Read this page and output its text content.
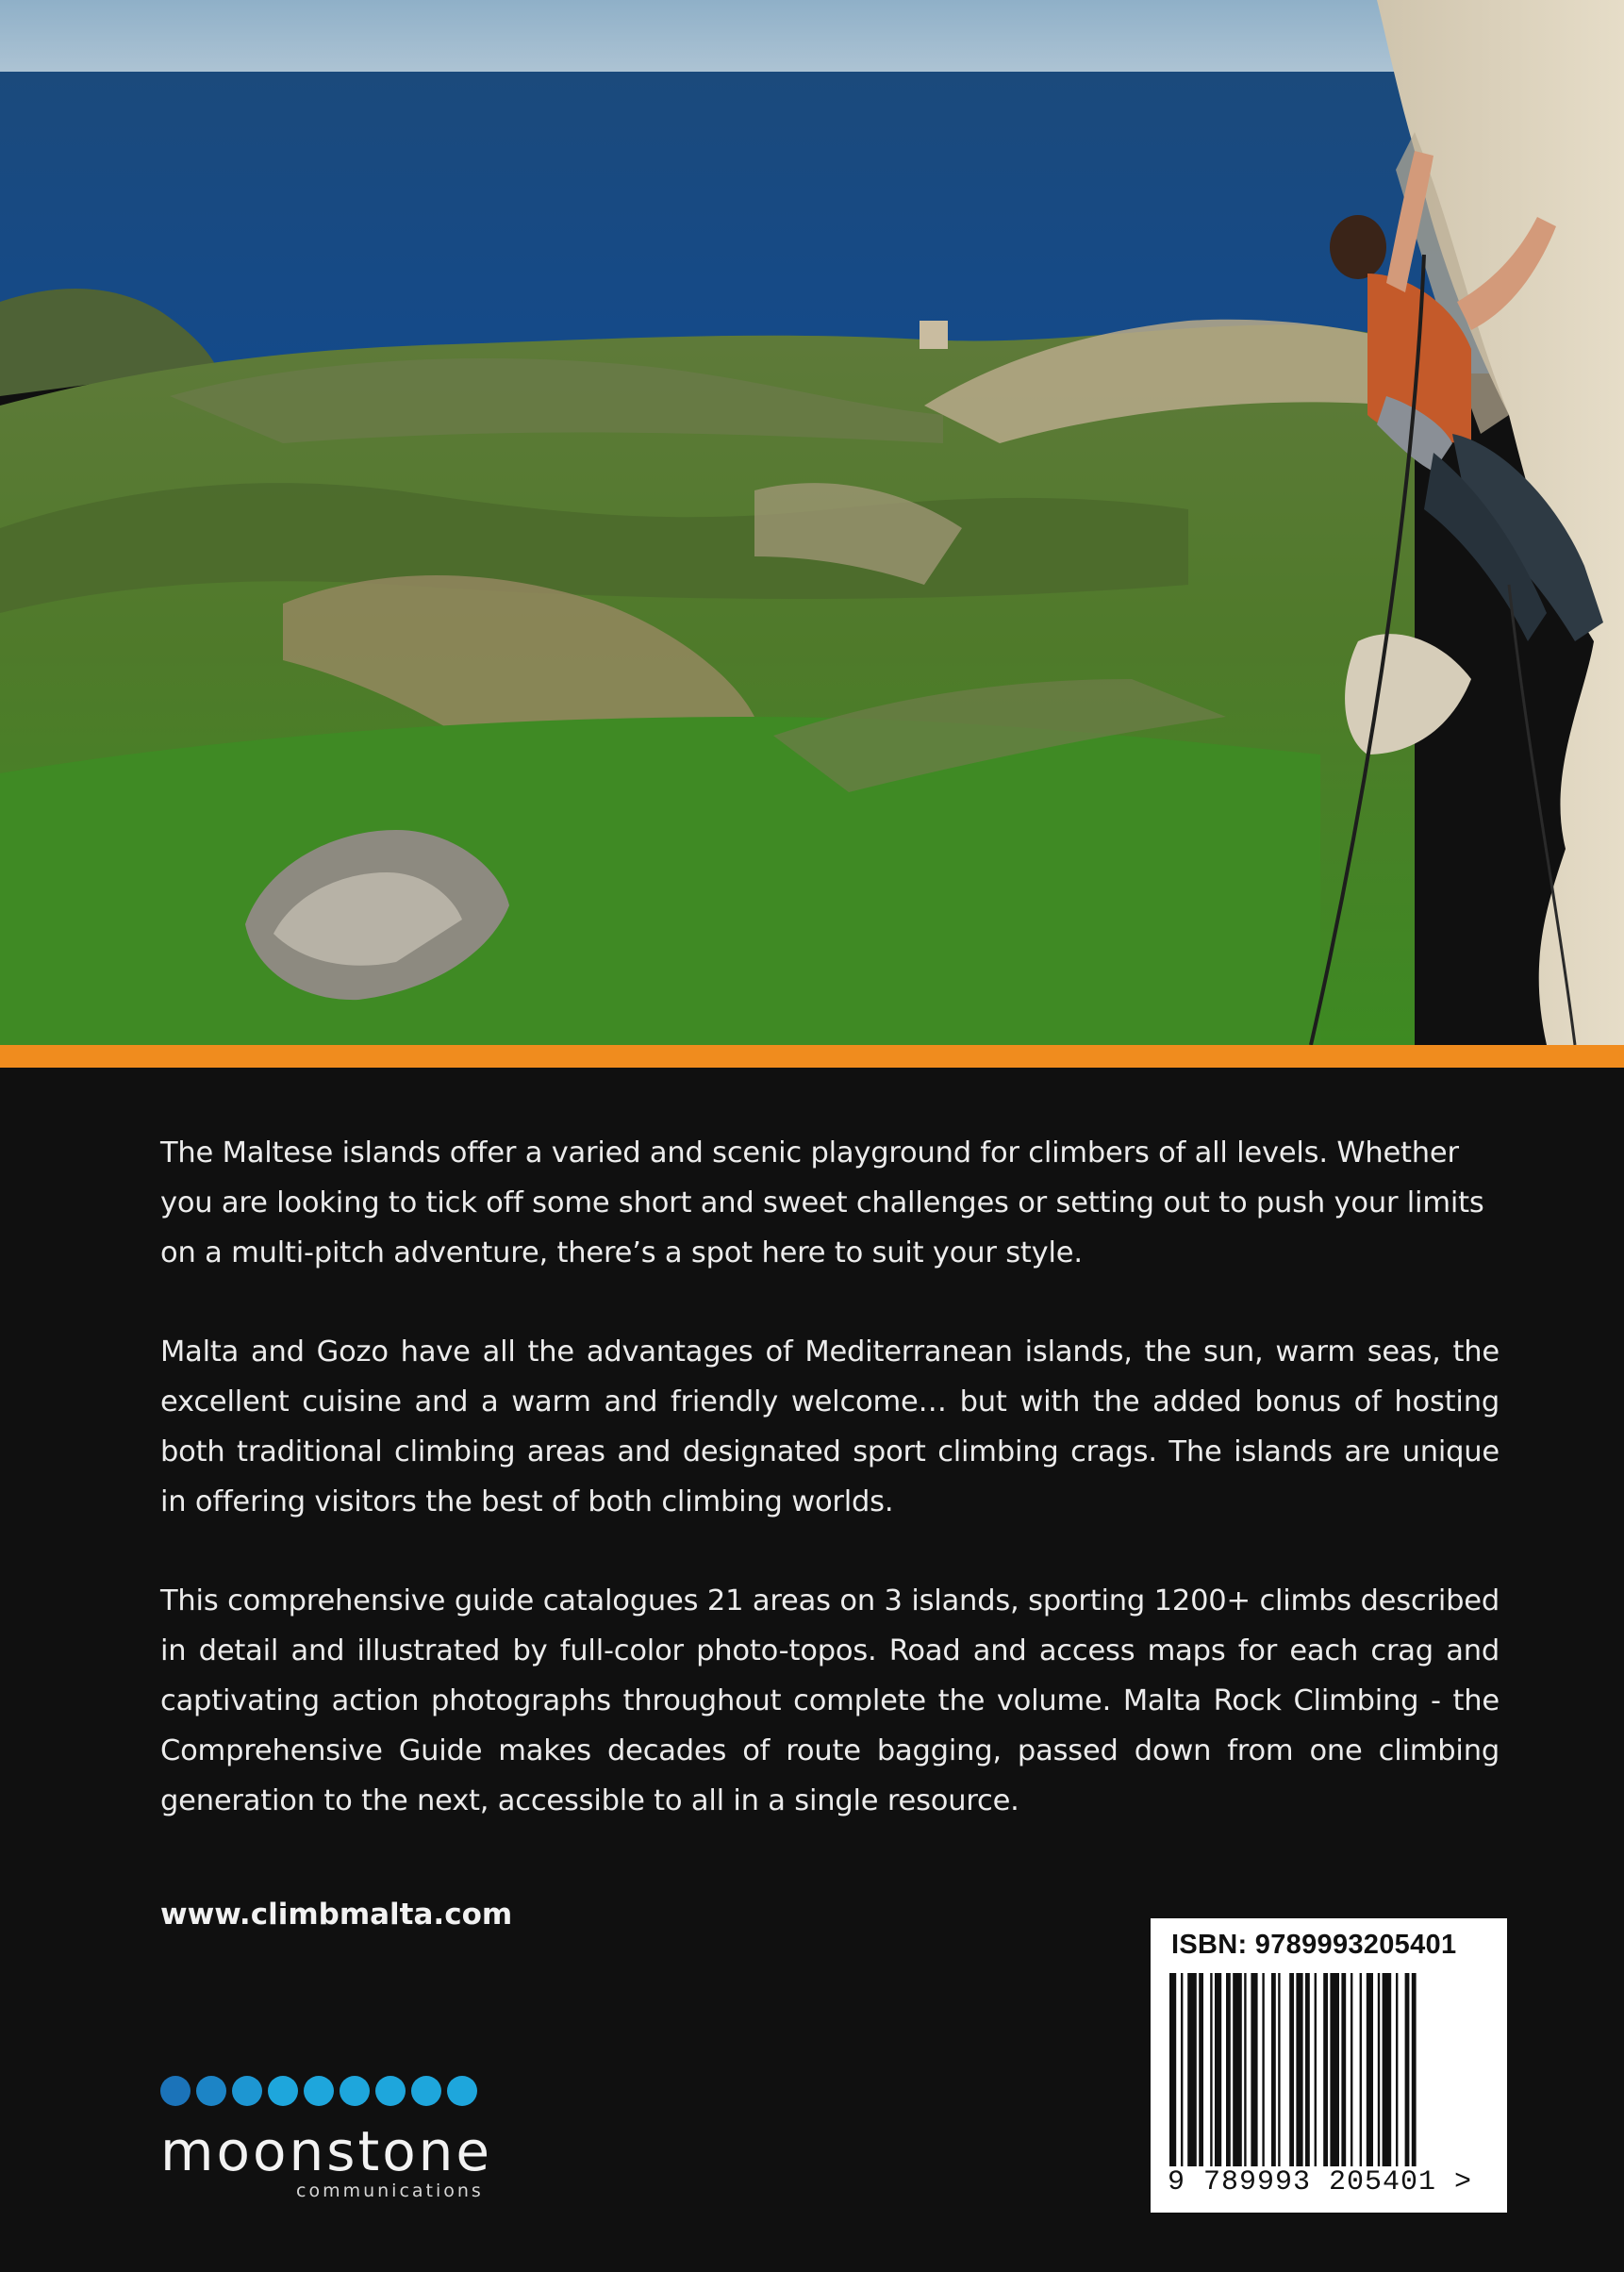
The Maltese islands offer a varied and scenic playground for climbers of all levels. Whether you are looking to tick off some short and sweet challenges or setting out to push your limits on a multi-pitch adventure, there’s a spot here to suit your style.

Malta and Gozo have all the advantages of Mediterranean islands, the sun, warm seas, the excellent cuisine and a warm and friendly welcome… but with the added bonus of hosting both traditional climbing areas and designated sport climbing crags. The islands are unique in offering visitors the best of both climbing worlds.

This comprehensive guide catalogues 21 areas on 3 islands, sporting 1200+ climbs described in detail and illustrated by full-color photo-topos. Road and access maps for each crag and captivating action photographs throughout complete the volume. Malta Rock Climbing - the Comprehensive Guide makes decades of route bagging, passed down from one climbing generation to the next, accessible to all in a single resource.

www.climbmalta.com
moonstone
communications
ISBN: 9789993205401
9 789993 205401 >
